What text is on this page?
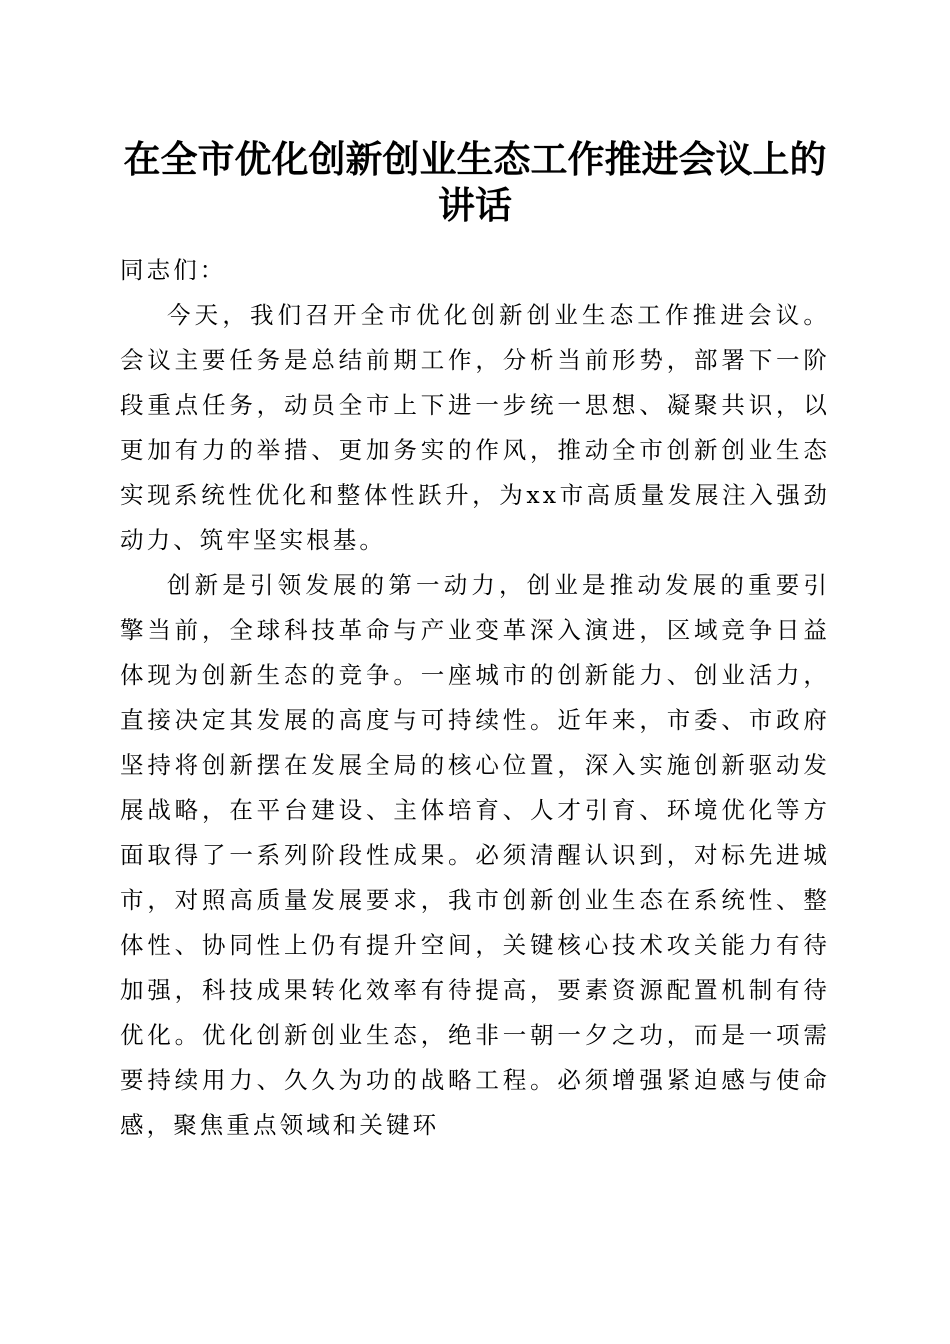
在全市优化创新创业生态工作推进会议上的讲话

同志们：

今天，我们召开全市优化创新创业生态工作推进会议。会议主要任务是总结前期工作，分析当前形势，部署下一阶段重点任务，动员全市上下进一步统一思想、凝聚共识，以更加有力的举措、更加务实的作风，推动全市创新创业生态实现系统性优化和整体性跃升，为xx市高质量发展注入强劲动力、筑牢坚实根基。

创新是引领发展的第一动力，创业是推动发展的重要引擎当前，全球科技革命与产业变革深入演进，区域竞争日益体现为创新生态的竞争。一座城市的创新能力、创业活力，直接决定其发展的高度与可持续性。近年来，市委、市政府坚持将创新摆在发展全局的核心位置，深入实施创新驱动发展战略，在平台建设、主体培育、人才引育、环境优化等方面取得了一系列阶段性成果。必须清醒认识到，对标先进城市，对照高质量发展要求，我市创新创业生态在系统性、整体性、协同性上仍有提升空间，关键核心技术攻关能力有待加强，科技成果转化效率有待提高，要素资源配置机制有待优化。优化创新创业生态，绝非一朝一夕之功，而是一项需要持续用力、久久为功的战略工程。必须增强紧迫感与使命感，聚焦重点领域和关键环
